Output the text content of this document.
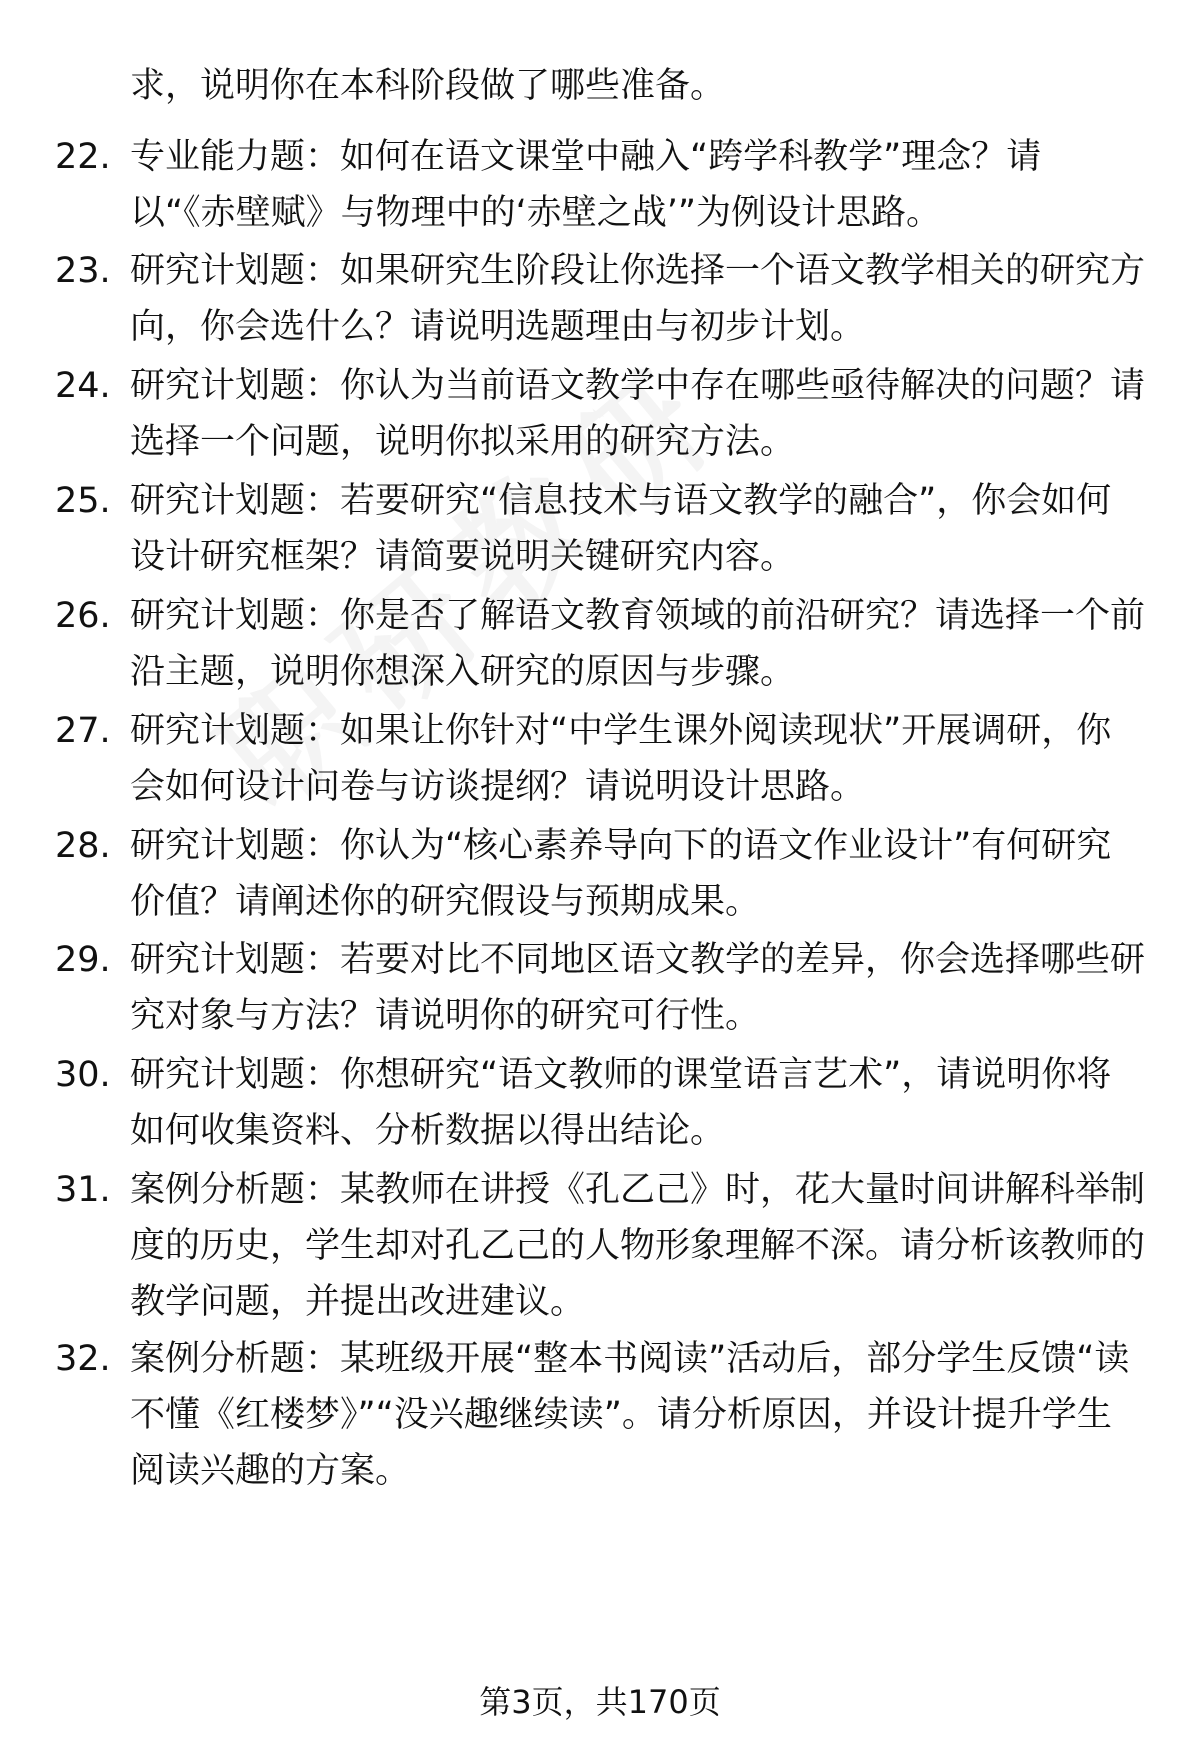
求，说明你在本科阶段做了哪些准备。

22. 专业能力题：如何在语文课堂中融入“跨学科教学”理念？请以“《赤壁赋》与物理中的‘赤壁之战’”为例设计思路。

23. 研究计划题：如果研究生阶段让你选择一个语文教学相关的研究方向，你会选什么？请说明选题理由与初步计划。

24. 研究计划题：你认为当前语文教学中存在哪些亟待解决的问题？请选择一个问题，说明你拟采用的研究方法。

25. 研究计划题：若要研究“信息技术与语文教学的融合”，你会如何设计研究框架？请简要说明关键研究内容。

26. 研究计划题：你是否了解语文教育领域的前沿研究？请选择一个前沿主题，说明你想深入研究的原因与步骤。

27. 研究计划题：如果让你针对“中学生课外阅读现状”开展调研，你会如何设计问卷与访谈提纲？请说明设计思路。

28. 研究计划题：你认为“核心素养导向下的语文作业设计”有何研究价值？请阐述你的研究假设与预期成果。

29. 研究计划题：若要对比不同地区语文教学的差异，你会选择哪些研究对象与方法？请说明你的研究可行性。

30. 研究计划题：你想研究“语文教师的课堂语言艺术”，请说明你将如何收集资料、分析数据以得出结论。

31. 案例分析题：某教师在讲授《孔乙己》时，花大量时间讲解科举制度的历史，学生却对孔乙己的人物形象理解不深。请分析该教师的教学问题，并提出改进建议。

32. 案例分析题：某班级开展“整本书阅读”活动后，部分学生反馈“读不懂《红楼梦》”“没兴趣继续读”。请分析原因，并设计提升学生阅读兴趣的方案。

第3页，共170页
